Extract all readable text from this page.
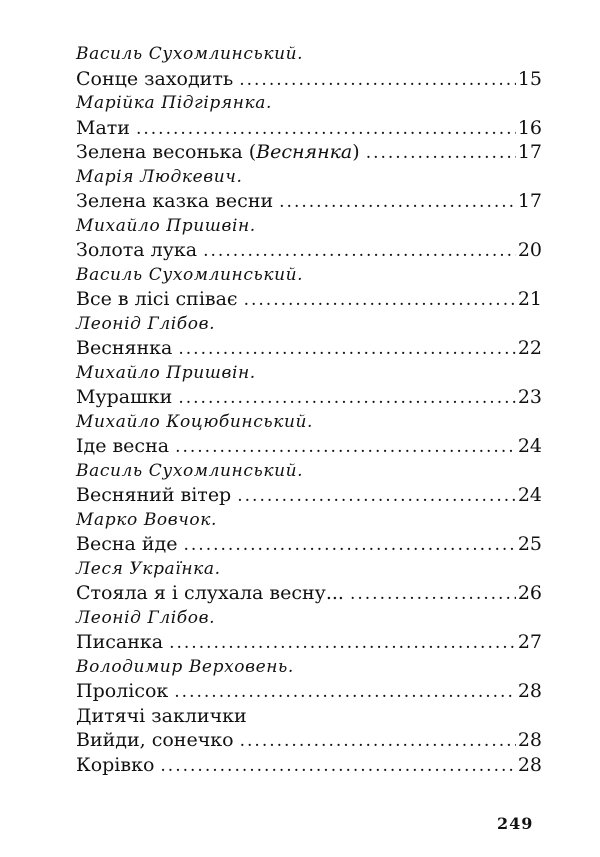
Василь Сухомлинський.
Сонце заходить .....	15
Марійка Підгірянка.
Мати .....	16
Зелена весонька (Веснянка) .....	17
Марія Людкевич.
Зелена казка весни .....	17
Михайло Пришвін.
Золота лука .....	20
Василь Сухомлинський.
Все в лісі співає .....	21
Леонід Глібов.
Веснянка .....	22
Михайло Пришвін.
Мурашки .....	23
Михайло Коцюбинський.
Іде весна .....	24
Василь Сухомлинський.
Весняний вітер .....	24
Марко Вовчок.
Весна йде .....	25
Леся Українка.
Стояла я і слухала весну... .....	26
Леонід Глібов.
Писанка .....	27
Володимир Верховень.
Пролісок .....	28
Дитячі заклички
Вийди, сонечко .....	28
Корівко .....	28
249
